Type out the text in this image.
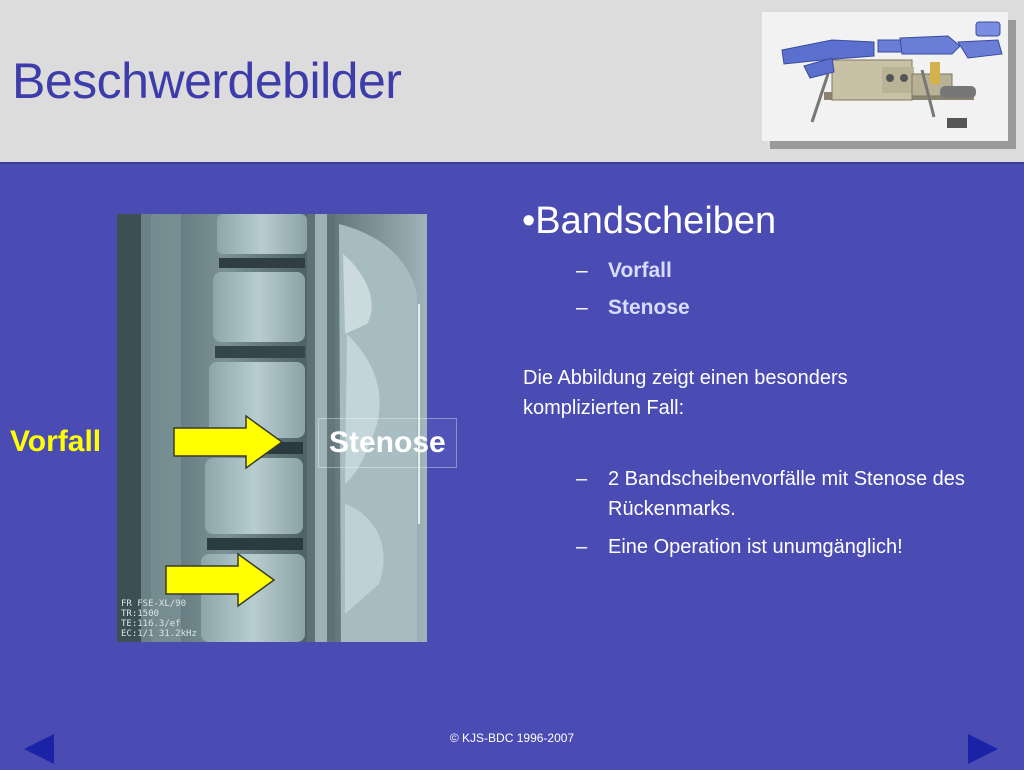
Beschwerdebilder
FR FSE-XL/90
TR:1500
TE:116.3/ef
EC:1/1 31.2kHz
Vorfall	Stenose
•Bandscheiben
– Vorfall
– Stenose
Die Abbildung zeigt einen besonders komplizierten Fall:
– 2 Bandscheibenvorfälle mit Stenose des Rückenmarks.
– Eine Operation ist unumgänglich!
© KJS-BDC 1996-2007
